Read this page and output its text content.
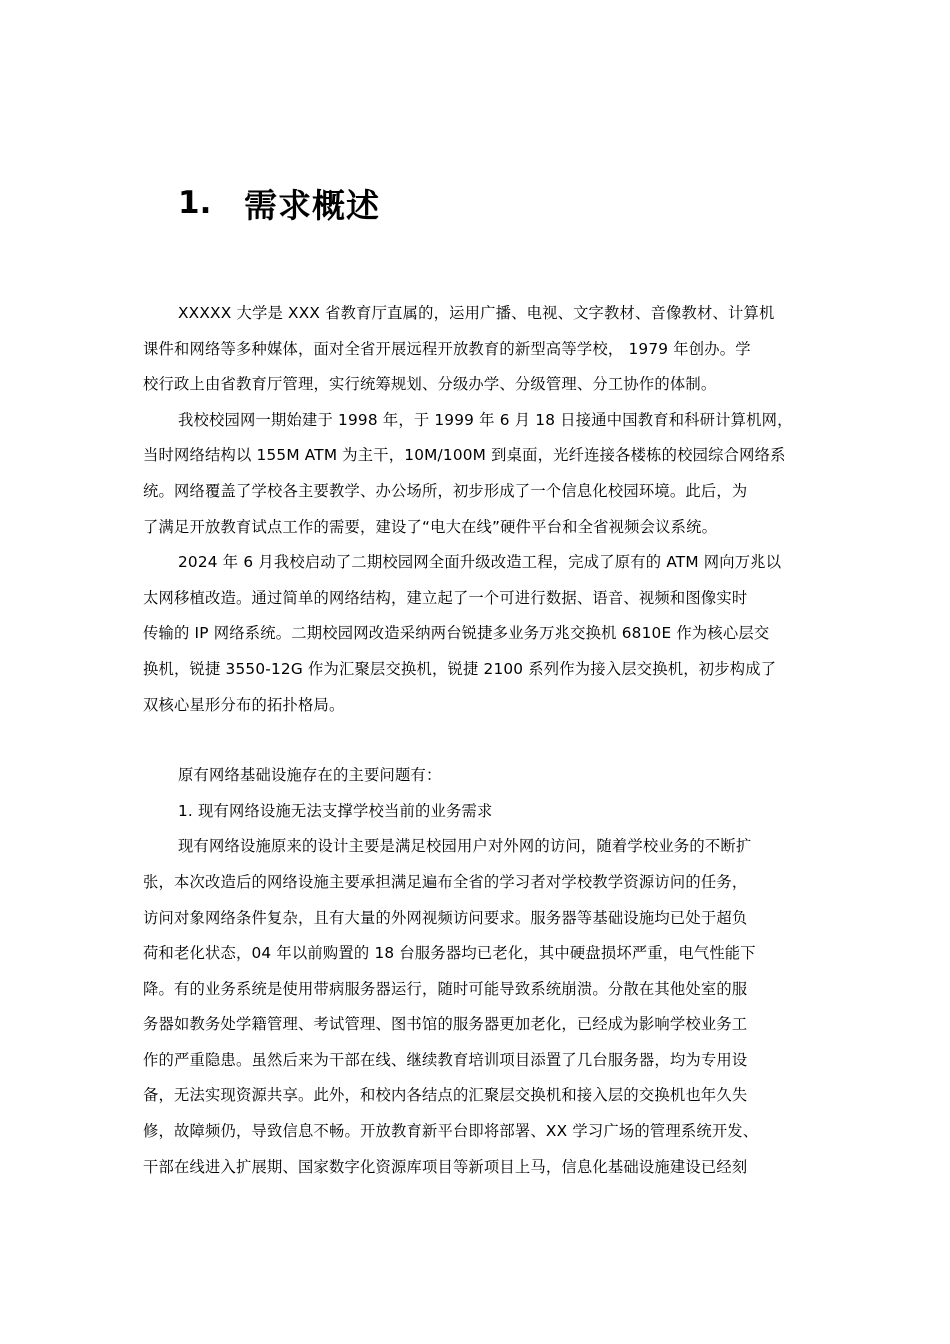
1. 需求概述
XXXXX 大学是 XXX 省教育厅直属的，运用广播、电视、文字教材、音像教材、计算机
课件和网络等多种媒体，面对全省开展远程开放教育的新型高等学校， 1979 年创办。学
校行政上由省教育厅管理，实行统筹规划、分级办学、分级管理、分工协作的体制。
我校校园网一期始建于 1998 年，于 1999 年 6 月 18 日接通中国教育和科研计算机网，
当时网络结构以 155M ATM 为主干，10M/100M 到桌面，光纤连接各楼栋的校园综合网络系
统。网络覆盖了学校各主要教学、办公场所，初步形成了一个信息化校园环境。此后，为
了满足开放教育试点工作的需要，建设了“电大在线”硬件平台和全省视频会议系统。
2024 年 6 月我校启动了二期校园网全面升级改造工程，完成了原有的 ATM 网向万兆以
太网移植改造。通过简单的网络结构，建立起了一个可进行数据、语音、视频和图像实时
传输的 IP 网络系统。二期校园网改造采纳两台锐捷多业务万兆交换机 6810E 作为核心层交
换机，锐捷 3550-12G 作为汇聚层交换机，锐捷 2100 系列作为接入层交换机，初步构成了
双核心星形分布的拓扑格局。

原有网络基础设施存在的主要问题有：
1. 现有网络设施无法支撑学校当前的业务需求
现有网络设施原来的设计主要是满足校园用户对外网的访问，随着学校业务的不断扩
张，本次改造后的网络设施主要承担满足遍布全省的学习者对学校教学资源访问的任务，
访问对象网络条件复杂，且有大量的外网视频访问要求。服务器等基础设施均已处于超负
荷和老化状态，04 年以前购置的 18 台服务器均已老化，其中硬盘损坏严重，电气性能下
降。有的业务系统是使用带病服务器运行，随时可能导致系统崩溃。分散在其他处室的服
务器如教务处学籍管理、考试管理、图书馆的服务器更加老化，已经成为影响学校业务工
作的严重隐患。虽然后来为干部在线、继续教育培训项目添置了几台服务器，均为专用设
备，无法实现资源共享。此外，和校内各结点的汇聚层交换机和接入层的交换机也年久失
修，故障频仍，导致信息不畅。开放教育新平台即将部署、XX 学习广场的管理系统开发、
干部在线进入扩展期、国家数字化资源库项目等新项目上马，信息化基础设施建设已经刻
